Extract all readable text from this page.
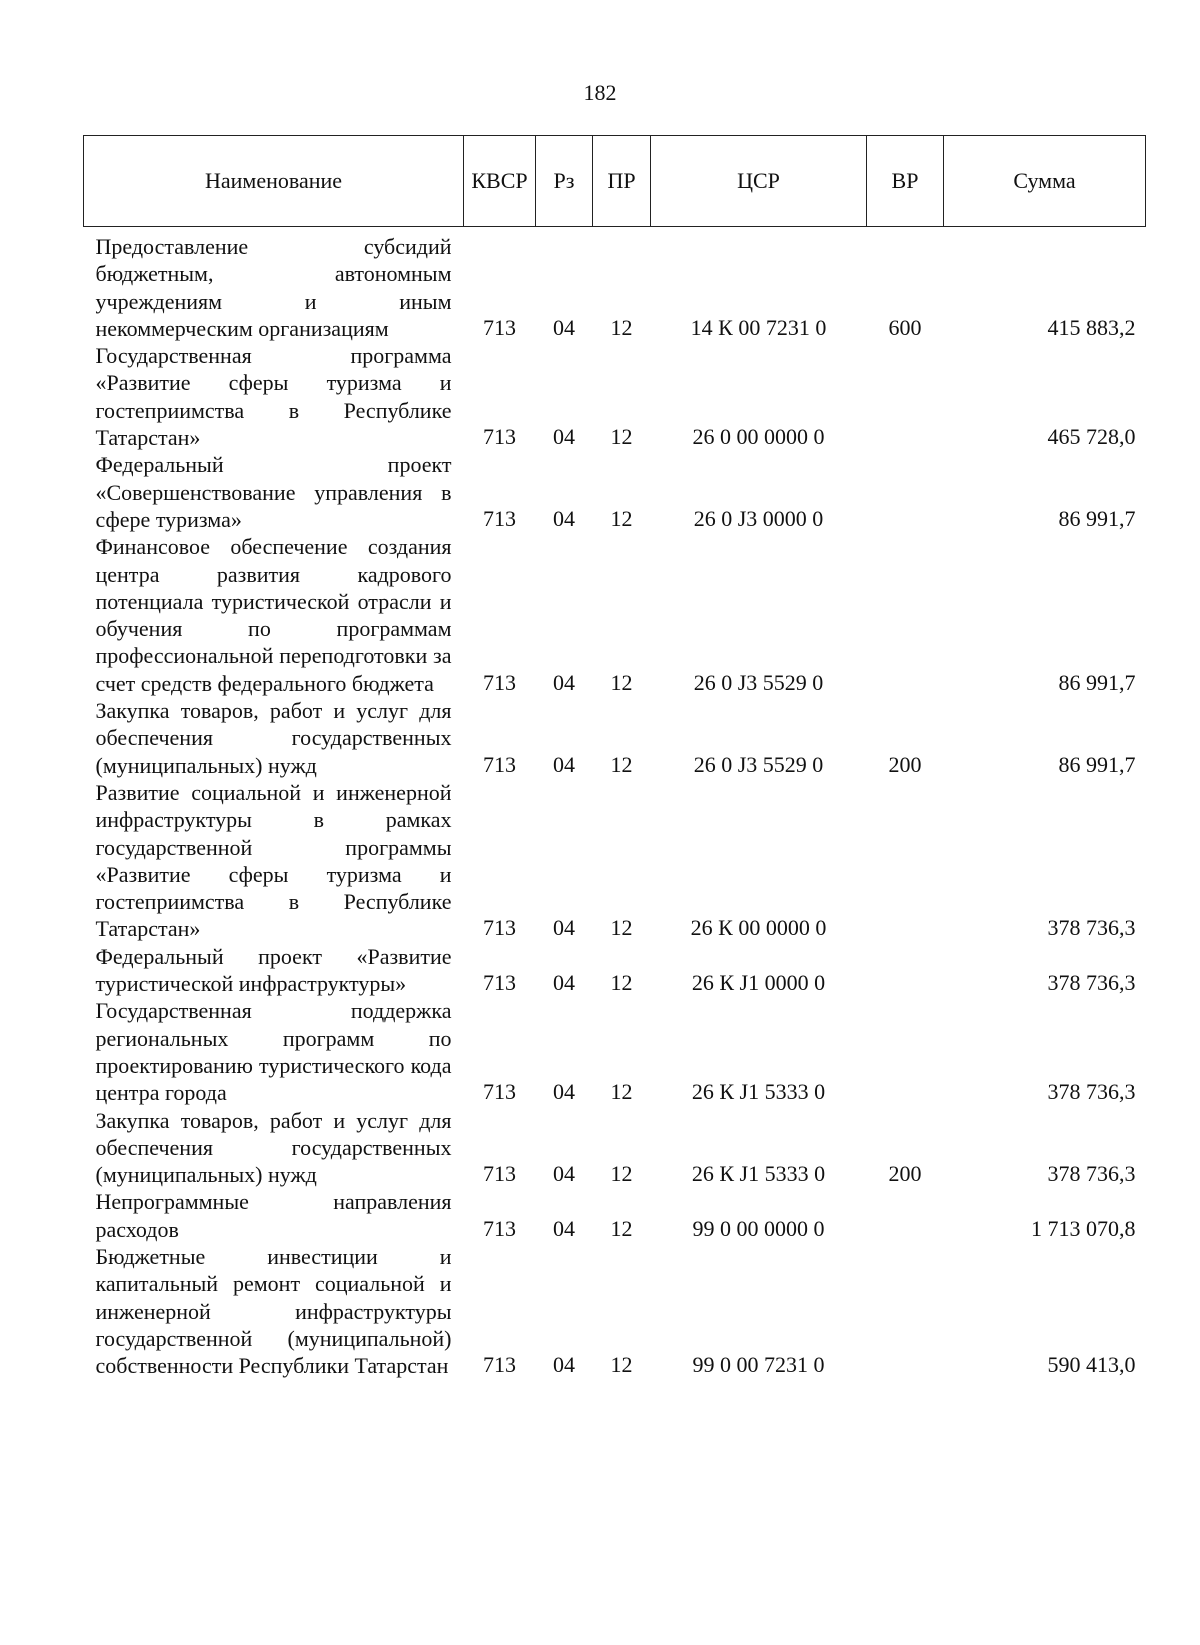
182
Наименование	КВСР	Рз	ПР	ЦСР	ВР	Сумма
Предоставление субсидий бюджетным, автономным учреждениям и иным некоммерческим организациям	713	04	12	14 К 00 7231 0	600	415 883,2
Государственная программа «Развитие сферы туризма и гостеприимства в Республике Татарстан»	713	04	12	26 0 00 0000 0		465 728,0
Федеральный проект «Совершенствование управления в сфере туризма»	713	04	12	26 0 J3 0000 0		86 991,7
Финансовое обеспечение создания центра развития кадрового потенциала туристической отрасли и обучения по программам профессиональной переподготовки за счет средств федерального бюджета	713	04	12	26 0 J3 5529 0		86 991,7
Закупка товаров, работ и услуг для обеспечения государственных (муниципальных) нужд	713	04	12	26 0 J3 5529 0	200	86 991,7
Развитие социальной и инженерной инфраструктуры в рамках государственной программы «Развитие сферы туризма и гостеприимства в Республике Татарстан»	713	04	12	26 К 00 0000 0		378 736,3
Федеральный проект «Развитие туристической инфраструктуры»	713	04	12	26 К J1 0000 0		378 736,3
Государственная поддержка региональных программ по проектированию туристического кода центра города	713	04	12	26 К J1 5333 0		378 736,3
Закупка товаров, работ и услуг для обеспечения государственных (муниципальных) нужд	713	04	12	26 К J1 5333 0	200	378 736,3
Непрограммные направления расходов	713	04	12	99 0 00 0000 0		1 713 070,8
Бюджетные инвестиции и капитальный ремонт социальной и инженерной инфраструктуры государственной (муниципальной) собственности Республики Татарстан	713	04	12	99 0 00 7231 0		590 413,0
